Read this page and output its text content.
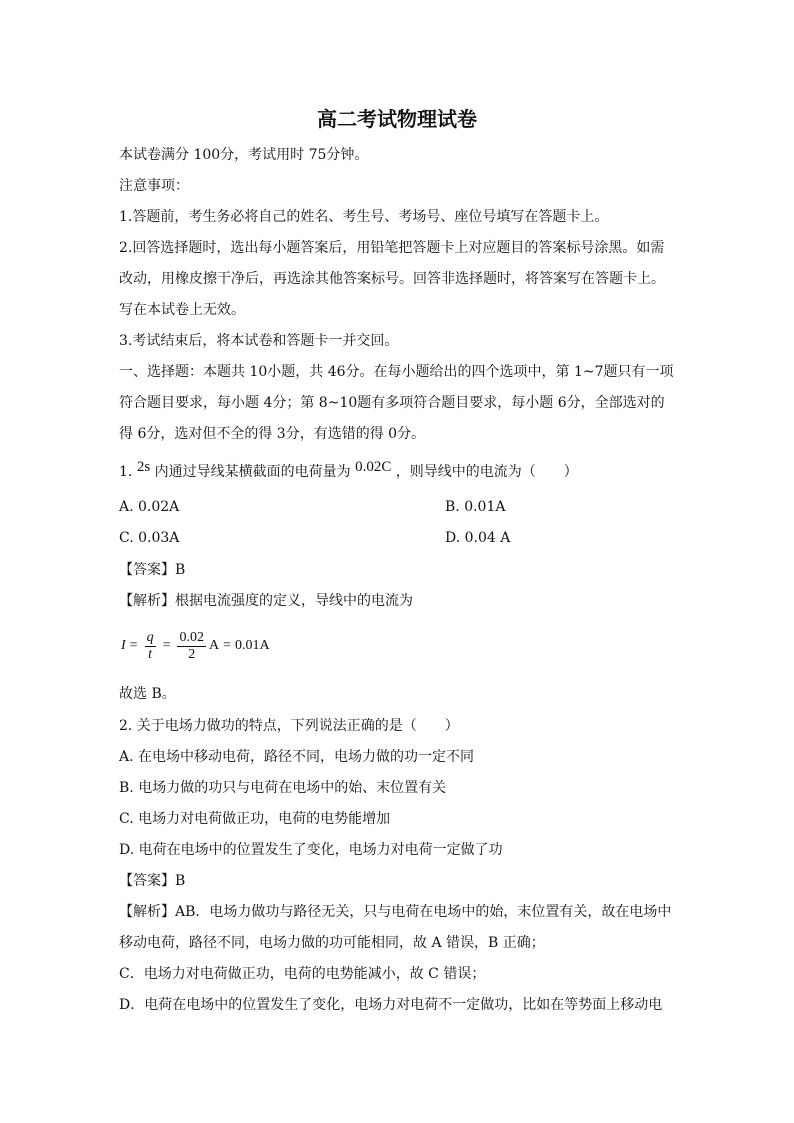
高二考试物理试卷
本试卷满分 100分，考试用时 75分钟。
注意事项：
1.答题前，考生务必将自己的姓名、考生号、考场号、座位号填写在答题卡上。
2.回答选择题时，选出每小题答案后，用铅笔把答题卡上对应题目的答案标号涂黑。如需
改动，用橡皮擦干净后，再选涂其他答案标号。回答非选择题时，将答案写在答题卡上。
写在本试卷上无效。
3.考试结束后，将本试卷和答题卡一并交回。
一、选择题：本题共 10小题，共 46分。在每小题给出的四个选项中，第 1~7题只有一项
符合题目要求，每小题 4分；第 8~10题有多项符合题目要求，每小题 6分，全部选对的
得 6分，选对但不全的得 3分，有选错的得 0分。
1. 2s 内通过导线某横截面的电荷量为 0.02C ，则导线中的电流为（　　）
A. 0.02A	B. 0.01A
C. 0.03A	D. 0.04 A
【答案】B
【解析】根据电流强度的定义，导线中的电流为
$I = \frac{q}{t} = \frac{0.02}{2}$ A = 0.01A
故选 B。
2. 关于电场力做功的特点，下列说法正确的是（　　）
A. 在电场中移动电荷，路径不同，电场力做的功一定不同
B. 电场力做的功只与电荷在电场中的始、末位置有关
C. 电场力对电荷做正功，电荷的电势能增加
D. 电荷在电场中的位置发生了变化，电场力对电荷一定做了功
【答案】B
【解析】AB．电场力做功与路径无关，只与电荷在电场中的始，末位置有关，故在电场中
移动电荷，路径不同，电场力做的功可能相同，故 A 错误，B 正确；
C．电场力对电荷做正功，电荷的电势能减小，故 C 错误；
D．电荷在电场中的位置发生了变化，电场力对电荷不一定做功，比如在等势面上移动电
